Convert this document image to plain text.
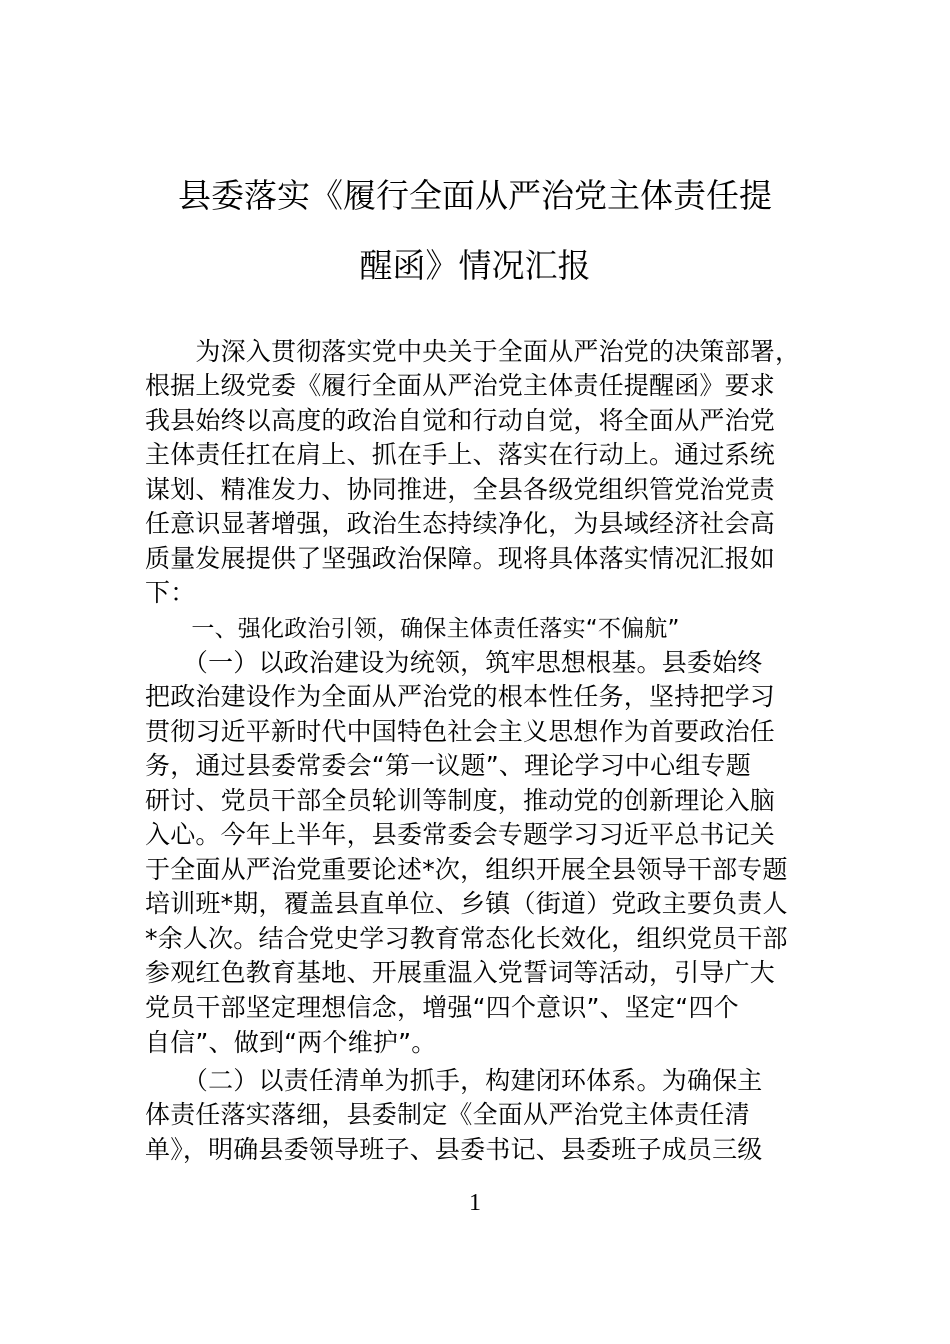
县委落实《履行全面从严治党主体责任提
醒函》情况汇报
　　为深入贯彻落实党中央关于全面从严治党的决策部署，
根据上级党委《履行全面从严治党主体责任提醒函》要求
我县始终以高度的政治自觉和行动自觉，将全面从严治党
主体责任扛在肩上、抓在手上、落实在行动上。通过系统
谋划、精准发力、协同推进，全县各级党组织管党治党责
任意识显著增强，政治生态持续净化，为县域经济社会高
质量发展提供了坚强政治保障。现将具体落实情况汇报如
下：
　　一、强化政治引领，确保主体责任落实“不偏航”
　　（一）以政治建设为统领，筑牢思想根基。县委始终
把政治建设作为全面从严治党的根本性任务，坚持把学习
贯彻习近平新时代中国特色社会主义思想作为首要政治任
务，通过县委常委会“第一议题”、理论学习中心组专题
研讨、党员干部全员轮训等制度，推动党的创新理论入脑
入心。今年上半年，县委常委会专题学习习近平总书记关
于全面从严治党重要论述*次，组织开展全县领导干部专题
培训班*期，覆盖县直单位、乡镇（街道）党政主要负责人
*余人次。结合党史学习教育常态化长效化，组织党员干部
参观红色教育基地、开展重温入党誓词等活动，引导广大
党员干部坚定理想信念，增强“四个意识”、坚定“四个
自信”、做到“两个维护”。
　　（二）以责任清单为抓手，构建闭环体系。为确保主
体责任落实落细，县委制定《全面从严治党主体责任清
单》，明确县委领导班子、县委书记、县委班子成员三级
1
